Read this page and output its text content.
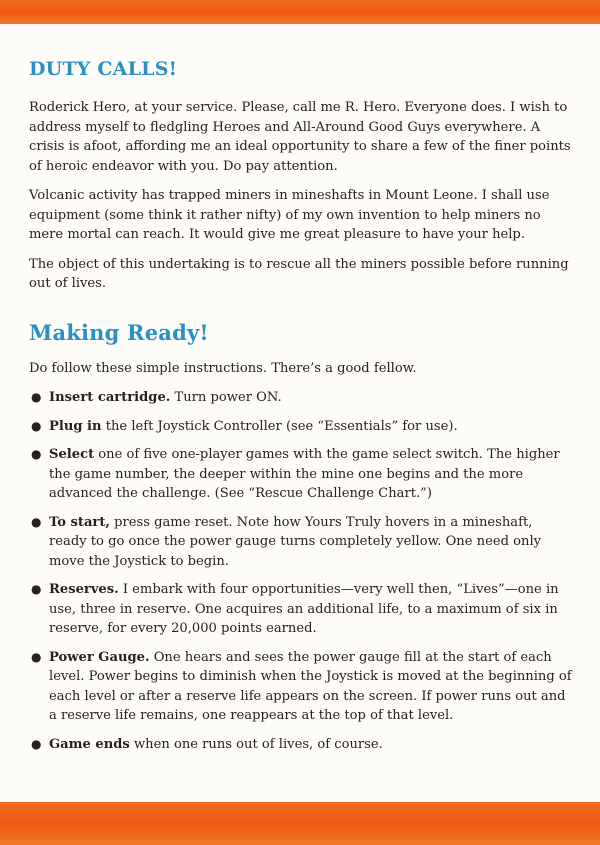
DUTY CALLS!

Roderick Hero, at your service. Please, call me R. Hero. Everyone does. I wish to address myself to fledgling Heroes and All-Around Good Guys everywhere. A crisis is afoot, affording me an ideal opportunity to share a few of the finer points of heroic endeavor with you. Do pay attention.

Volcanic activity has trapped miners in mineshafts in Mount Leone. I shall use equipment (some think it rather nifty) of my own invention to help miners no mere mortal can reach. It would give me great pleasure to have your help.

The object of this undertaking is to rescue all the miners possible before running out of lives.

Making Ready!

Do follow these simple instructions. There’s a good fellow.

● Insert cartridge. Turn power ON.
● Plug in the left Joystick Controller (see “Essentials” for use).
● Select one of five one-player games with the game select switch. The higher the game number, the deeper within the mine one begins and the more advanced the challenge. (See “Rescue Challenge Chart.”)
● To start, press game reset. Note how Yours Truly hovers in a mineshaft, ready to go once the power gauge turns completely yellow. One need only move the Joystick to begin.
● Reserves. I embark with four opportunities—very well then, “Lives”—one in use, three in reserve. One acquires an additional life, to a maximum of six in reserve, for every 20,000 points earned.
● Power Gauge. One hears and sees the power gauge fill at the start of each level. Power begins to diminish when the Joystick is moved at the beginning of each level or after a reserve life appears on the screen. If power runs out and a reserve life remains, one reappears at the top of that level.
● Game ends when one runs out of lives, of course.
